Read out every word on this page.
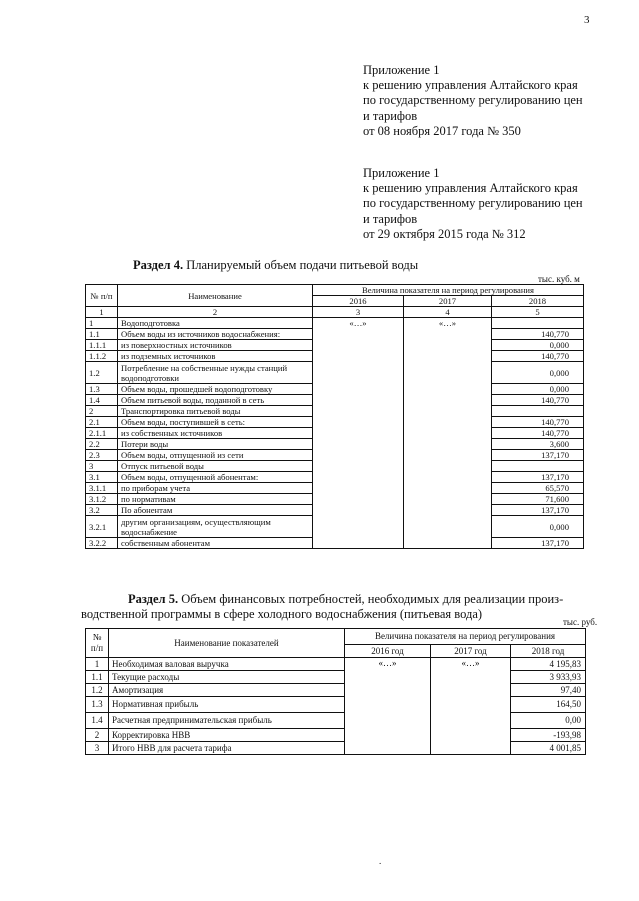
3
Приложение 1
к решению управления Алтайского края
по государственному регулированию цен
и тарифов
от 08 ноября 2017 года № 350
Приложение 1
к решению управления Алтайского края
по государственному регулированию цен
и тарифов
от 29 октября 2015 года № 312
Раздел 4. Планируемый объем подачи питьевой воды
тыс. куб. м
№ п/п	Наименование	Величина показателя на период регулирования		
		2016	2017	2018
1	2	3	4	5
1	Водоподготовка	«…»	«…»	
1.1	Объем воды из источников водоснабжения:			140,770
1.1.1	из поверхностных источников			0,000
1.1.2	из подземных источников			140,770
1.2	Потребление на собственные нужды станций водоподготовки			0,000
1.3	Объем воды, прошедшей водоподготовку			0,000
1.4	Объем питьевой воды, поданной в сеть			140,770
2	Транспортировка питьевой воды			
2.1	Объем воды, поступившей в сеть:			140,770
2.1.1	из собственных источников			140,770
2.2	Потери воды			3,600
2.3	Объем воды, отпущенной из сети			137,170
3	Отпуск питьевой воды			
3.1	Объем воды, отпущенной абонентам:			137,170
3.1.1	по приборам учета			65,570
3.1.2	по нормативам			71,600
3.2	По абонентам			137,170
3.2.1	другим организациям, осуществляющим водоснабжение			0,000
3.2.2	собственным абонентам			137,170
Раздел 5. Объем финансовых потребностей, необходимых для реализации произ-
водственной программы в сфере холодного водоснабжения (питьевая вода)
тыс. руб.
№ п/п	Наименование показателей	Величина показателя на период регулирования		
		2016 год	2017 год	2018 год
1	Необходимая валовая выручка	«…»	«…»	4 195,83
1.1	Текущие расходы			3 933,93
1.2	Амортизация			97,40
1.3	Нормативная прибыль			164,50
1.4	Расчетная предпринимательская прибыль			0,00
2	Корректировка НВВ			-193,98
3	Итого НВВ для расчета тарифа			4 001,85
.
